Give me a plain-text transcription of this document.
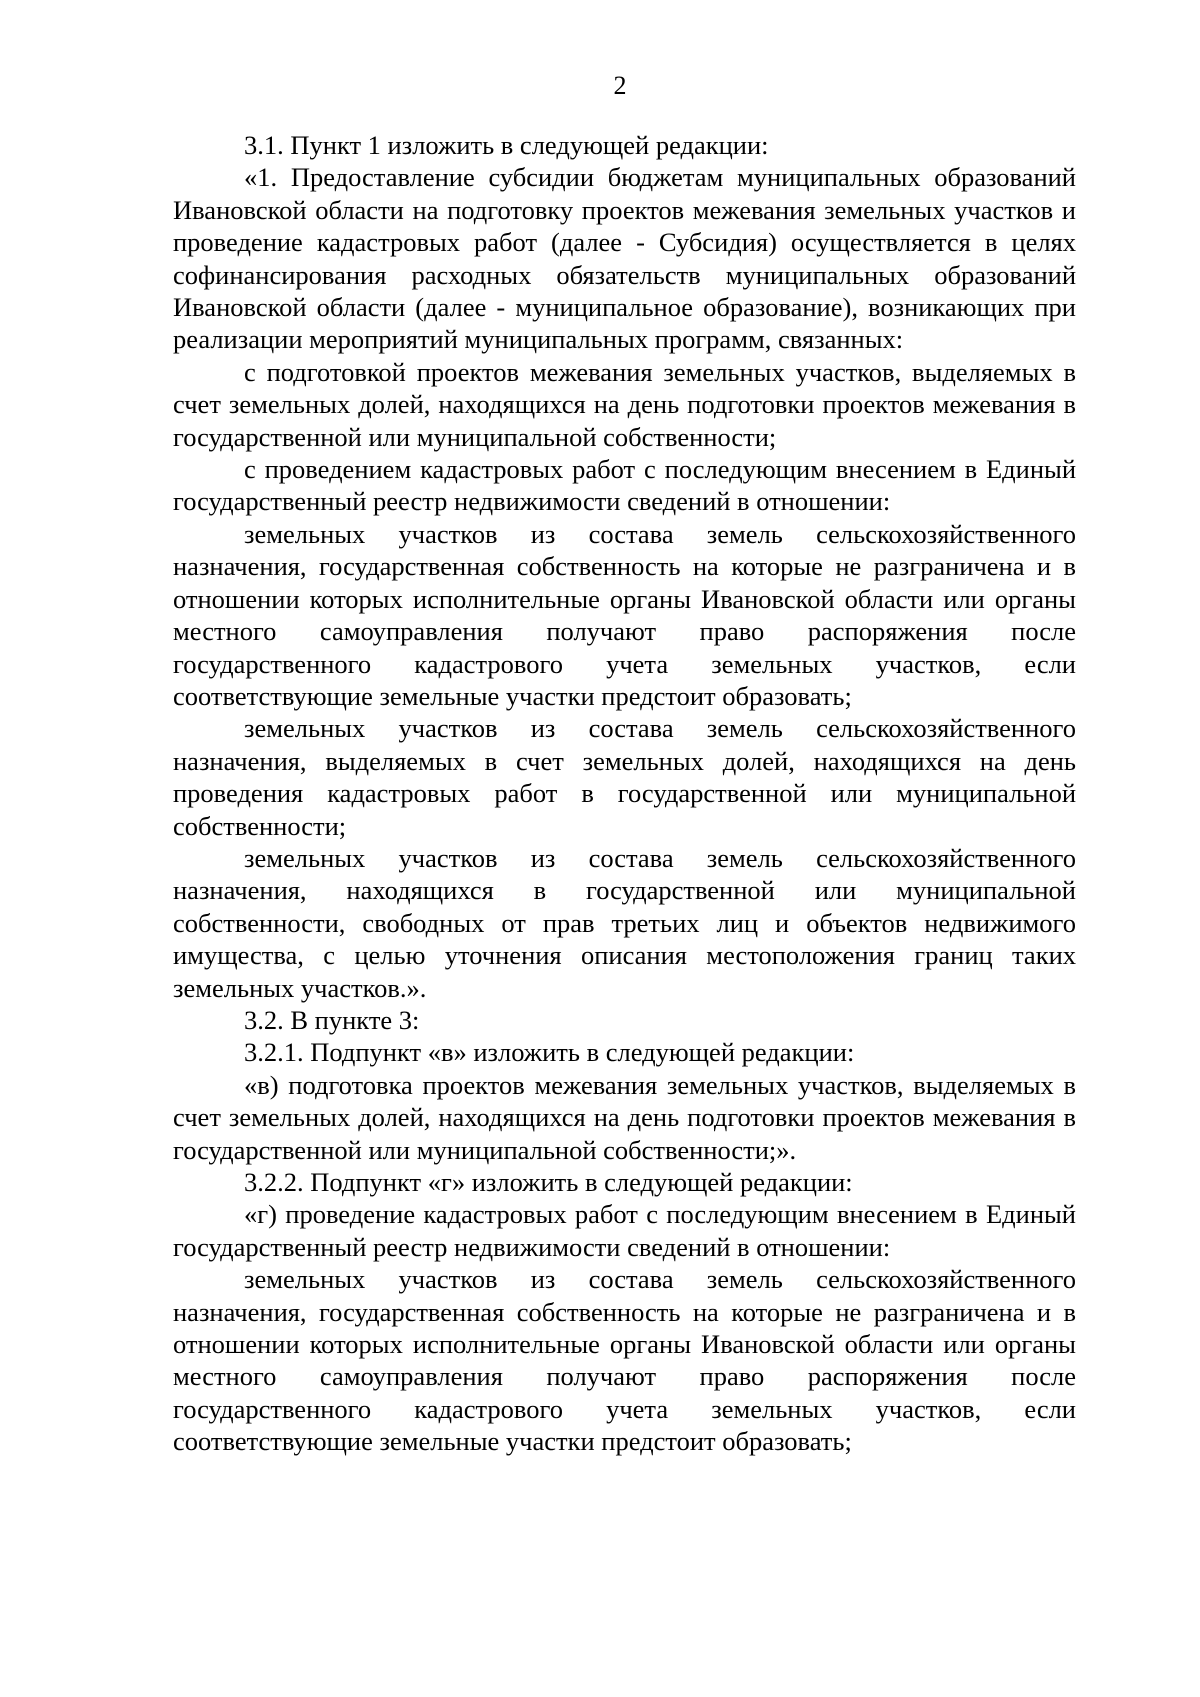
2

3.1. Пункт 1 изложить в следующей редакции:

«1. Предоставление субсидии бюджетам муниципальных образований Ивановской области на подготовку проектов межевания земельных участков и проведение кадастровых работ (далее - Субсидия) осуществляется в целях софинансирования расходных обязательств муниципальных образований Ивановской области (далее - муниципальное образование), возникающих при реализации мероприятий муниципальных программ, связанных:

с подготовкой проектов межевания земельных участков, выделяемых в счет земельных долей, находящихся на день подготовки проектов межевания в государственной или муниципальной собственности;

с проведением кадастровых работ с последующим внесением в Единый государственный реестр недвижимости сведений в отношении:

земельных участков из состава земель сельскохозяйственного назначения, государственная собственность на которые не разграничена и в отношении которых исполнительные органы Ивановской области или органы местного самоуправления получают право распоряжения после государственного кадастрового учета земельных участков, если соответствующие земельные участки предстоит образовать;

земельных участков из состава земель сельскохозяйственного назначения, выделяемых в счет земельных долей, находящихся на день проведения кадастровых работ в государственной или муниципальной собственности;

земельных участков из состава земель сельскохозяйственного назначения, находящихся в государственной или муниципальной собственности, свободных от прав третьих лиц и объектов недвижимого имущества, с целью уточнения описания местоположения границ таких земельных участков.».

3.2. В пункте 3:

3.2.1. Подпункт «в» изложить в следующей редакции:

«в) подготовка проектов межевания земельных участков, выделяемых в счет земельных долей, находящихся на день подготовки проектов межевания в государственной или муниципальной собственности;».

3.2.2. Подпункт «г» изложить в следующей редакции:

«г) проведение кадастровых работ с последующим внесением в Единый государственный реестр недвижимости сведений в отношении:

земельных участков из состава земель сельскохозяйственного назначения, государственная собственность на которые не разграничена и в отношении которых исполнительные органы Ивановской области или органы местного самоуправления получают право распоряжения после государственного кадастрового учета земельных участков, если соответствующие земельные участки предстоит образовать;
